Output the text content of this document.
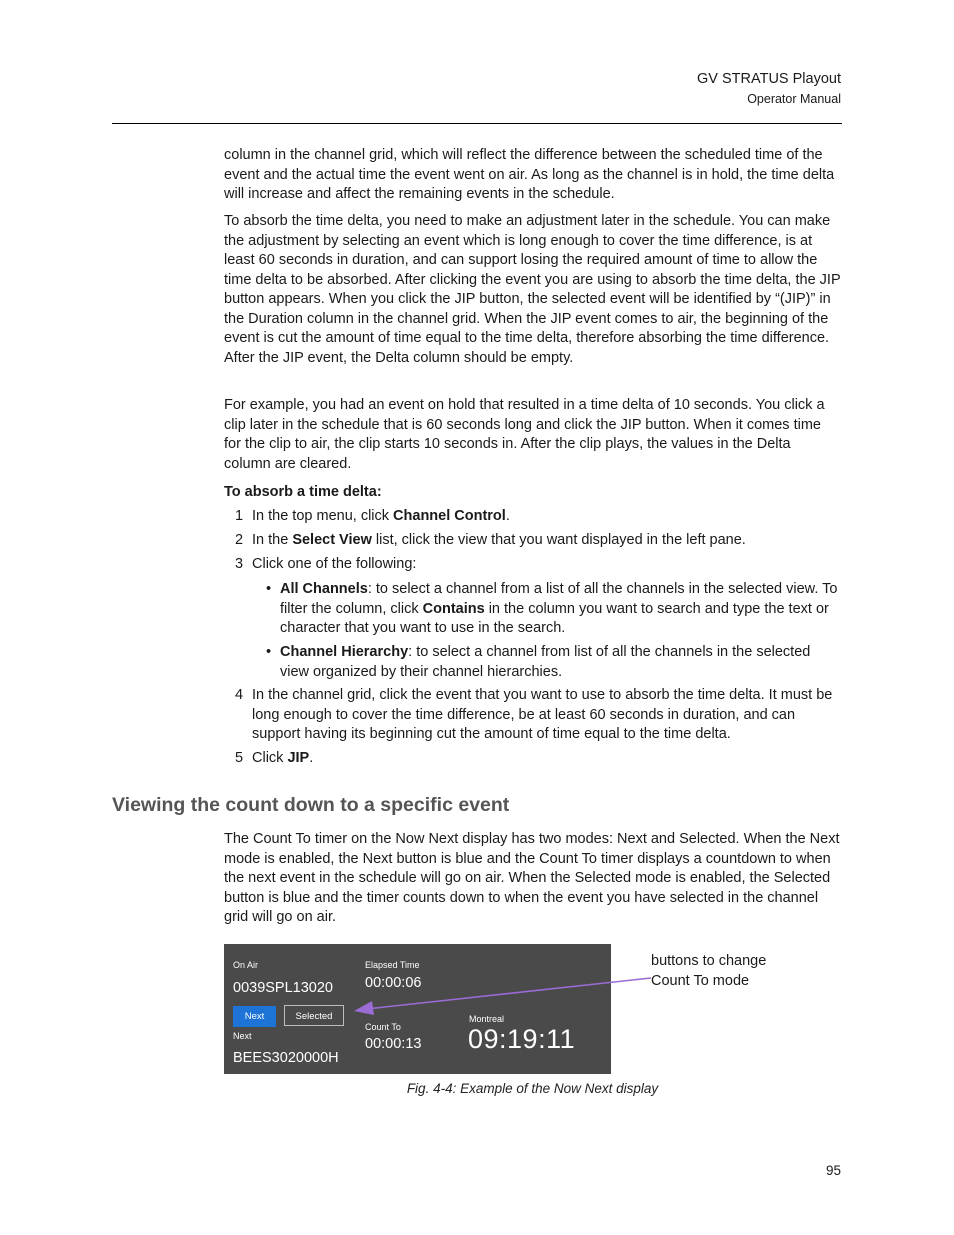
GV STRATUS Playout
Operator Manual
column in the channel grid, which will reflect the difference between the scheduled time of the event and the actual time the event went on air. As long as the channel is in hold, the time delta will increase and affect the remaining events in the schedule.
To absorb the time delta, you need to make an adjustment later in the schedule. You can make the adjustment by selecting an event which is long enough to cover the time difference, is at least 60 seconds in duration, and can support losing the required amount of time to allow the time delta to be absorbed. After clicking the event you are using to absorb the time delta, the JIP button appears. When you click the JIP button, the selected event will be identified by “(JIP)” in the Duration column in the channel grid. When the JIP event comes to air, the beginning of the event is cut the amount of time equal to the time delta, therefore absorbing the time difference. After the JIP event, the Delta column should be empty.
For example, you had an event on hold that resulted in a time delta of 10 seconds. You click a clip later in the schedule that is 60 seconds long and click the JIP button. When it comes time for the clip to air, the clip starts 10 seconds in. After the clip plays, the values in the Delta column are cleared.
To absorb a time delta:
1 In the top menu, click Channel Control.
2 In the Select View list, click the view that you want displayed in the left pane.
3 Click one of the following:
• All Channels: to select a channel from a list of all the channels in the selected view. To filter the column, click Contains in the column you want to search and type the text or character that you want to use in the search.
• Channel Hierarchy: to select a channel from list of all the channels in the selected view organized by their channel hierarchies.
4 In the channel grid, click the event that you want to use to absorb the time delta. It must be long enough to cover the time difference, be at least 60 seconds in duration, and can support having its beginning cut the amount of time equal to the time delta.
5 Click JIP.
Viewing the count down to a specific event
The Count To timer on the Now Next display has two modes: Next and Selected. When the Next mode is enabled, the Next button is blue and the Count To timer displays a countdown to when the next event in the schedule will go on air. When the Selected mode is enabled, the Selected button is blue and the timer counts down to when the event you have selected in the channel grid will go on air.
On Air
0039SPL13020
Elapsed Time
00:00:06
Next	Selected
Next
BEES3020000H
Count To
00:00:13
Montreal
09:19:11
buttons to change
Count To mode
Fig. 4-4: Example of the Now Next display
95
